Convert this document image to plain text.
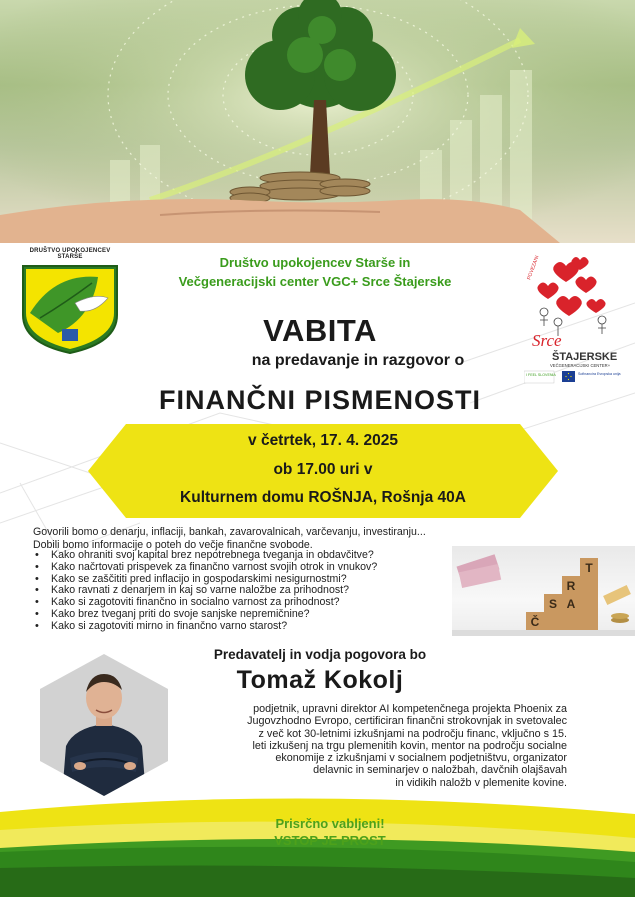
DRUŠTVO UPOKOJENCEV STARŠE	Društvo upokojencev Starše in
Večgeneracijski center VGC+ Srce Štajerske
POVEZANI
Srce
ŠTAJERSKE
VEČGENERACIJSKI CENTER+
I FEEL SLOVENIA	Sofinancira Evropska unija
VABITA
na predavanje in razgovor o
FINANČNI PISMENOSTI
v četrtek, 17. 4. 2025
ob 17.00 uri v
Kulturnem domu ROŠNJA, Rošnja 40A
Govorili bomo o denarju, inflaciji, bankah, zavarovalnicah, varčevanju, investiranju...
Dobili bomo informacije o poteh do večje finančne svobode.
• Kako ohraniti svoj kapital brez nepotrebnega tveganja in obdavčitve?
• Kako načrtovati prispevek za finančno varnost svojih otrok in vnukov?
• Kako se zaščititi pred inflacijo in gospodarskimi nesigurnostmi?
• Kako ravnati z denarjem in kaj so varne naložbe za prihodnost?
• Kako si zagotoviti finančno in socialno varnost za prihodnost?
• Kako brez tveganj priti do svoje sanjske nepremičnine?
• Kako si zagotoviti mirno in finančno varno starost?
T
R
S A
Č
Predavatelj in vodja pogovora bo
Tomaž Kokolj
podjetnik, upravni direktor AI kompetenčnega projekta Phoenix za
Jugovzhodno Evropo, certificiran finančni strokovnjak in svetovalec
z več kot 30-letnimi izkušnjami na področju financ, vključno s 15.
leti izkušenj na trgu plemenitih kovin, mentor na področju socialne
ekonomije z izkušnjami v socialnem podjetništvu, organizator
delavnic in seminarjev o naložbah, davčnih olajšavah
in vidikih naložb v plemenite kovine.
Prisrčno vabljeni!
VSTOP JE PROST
